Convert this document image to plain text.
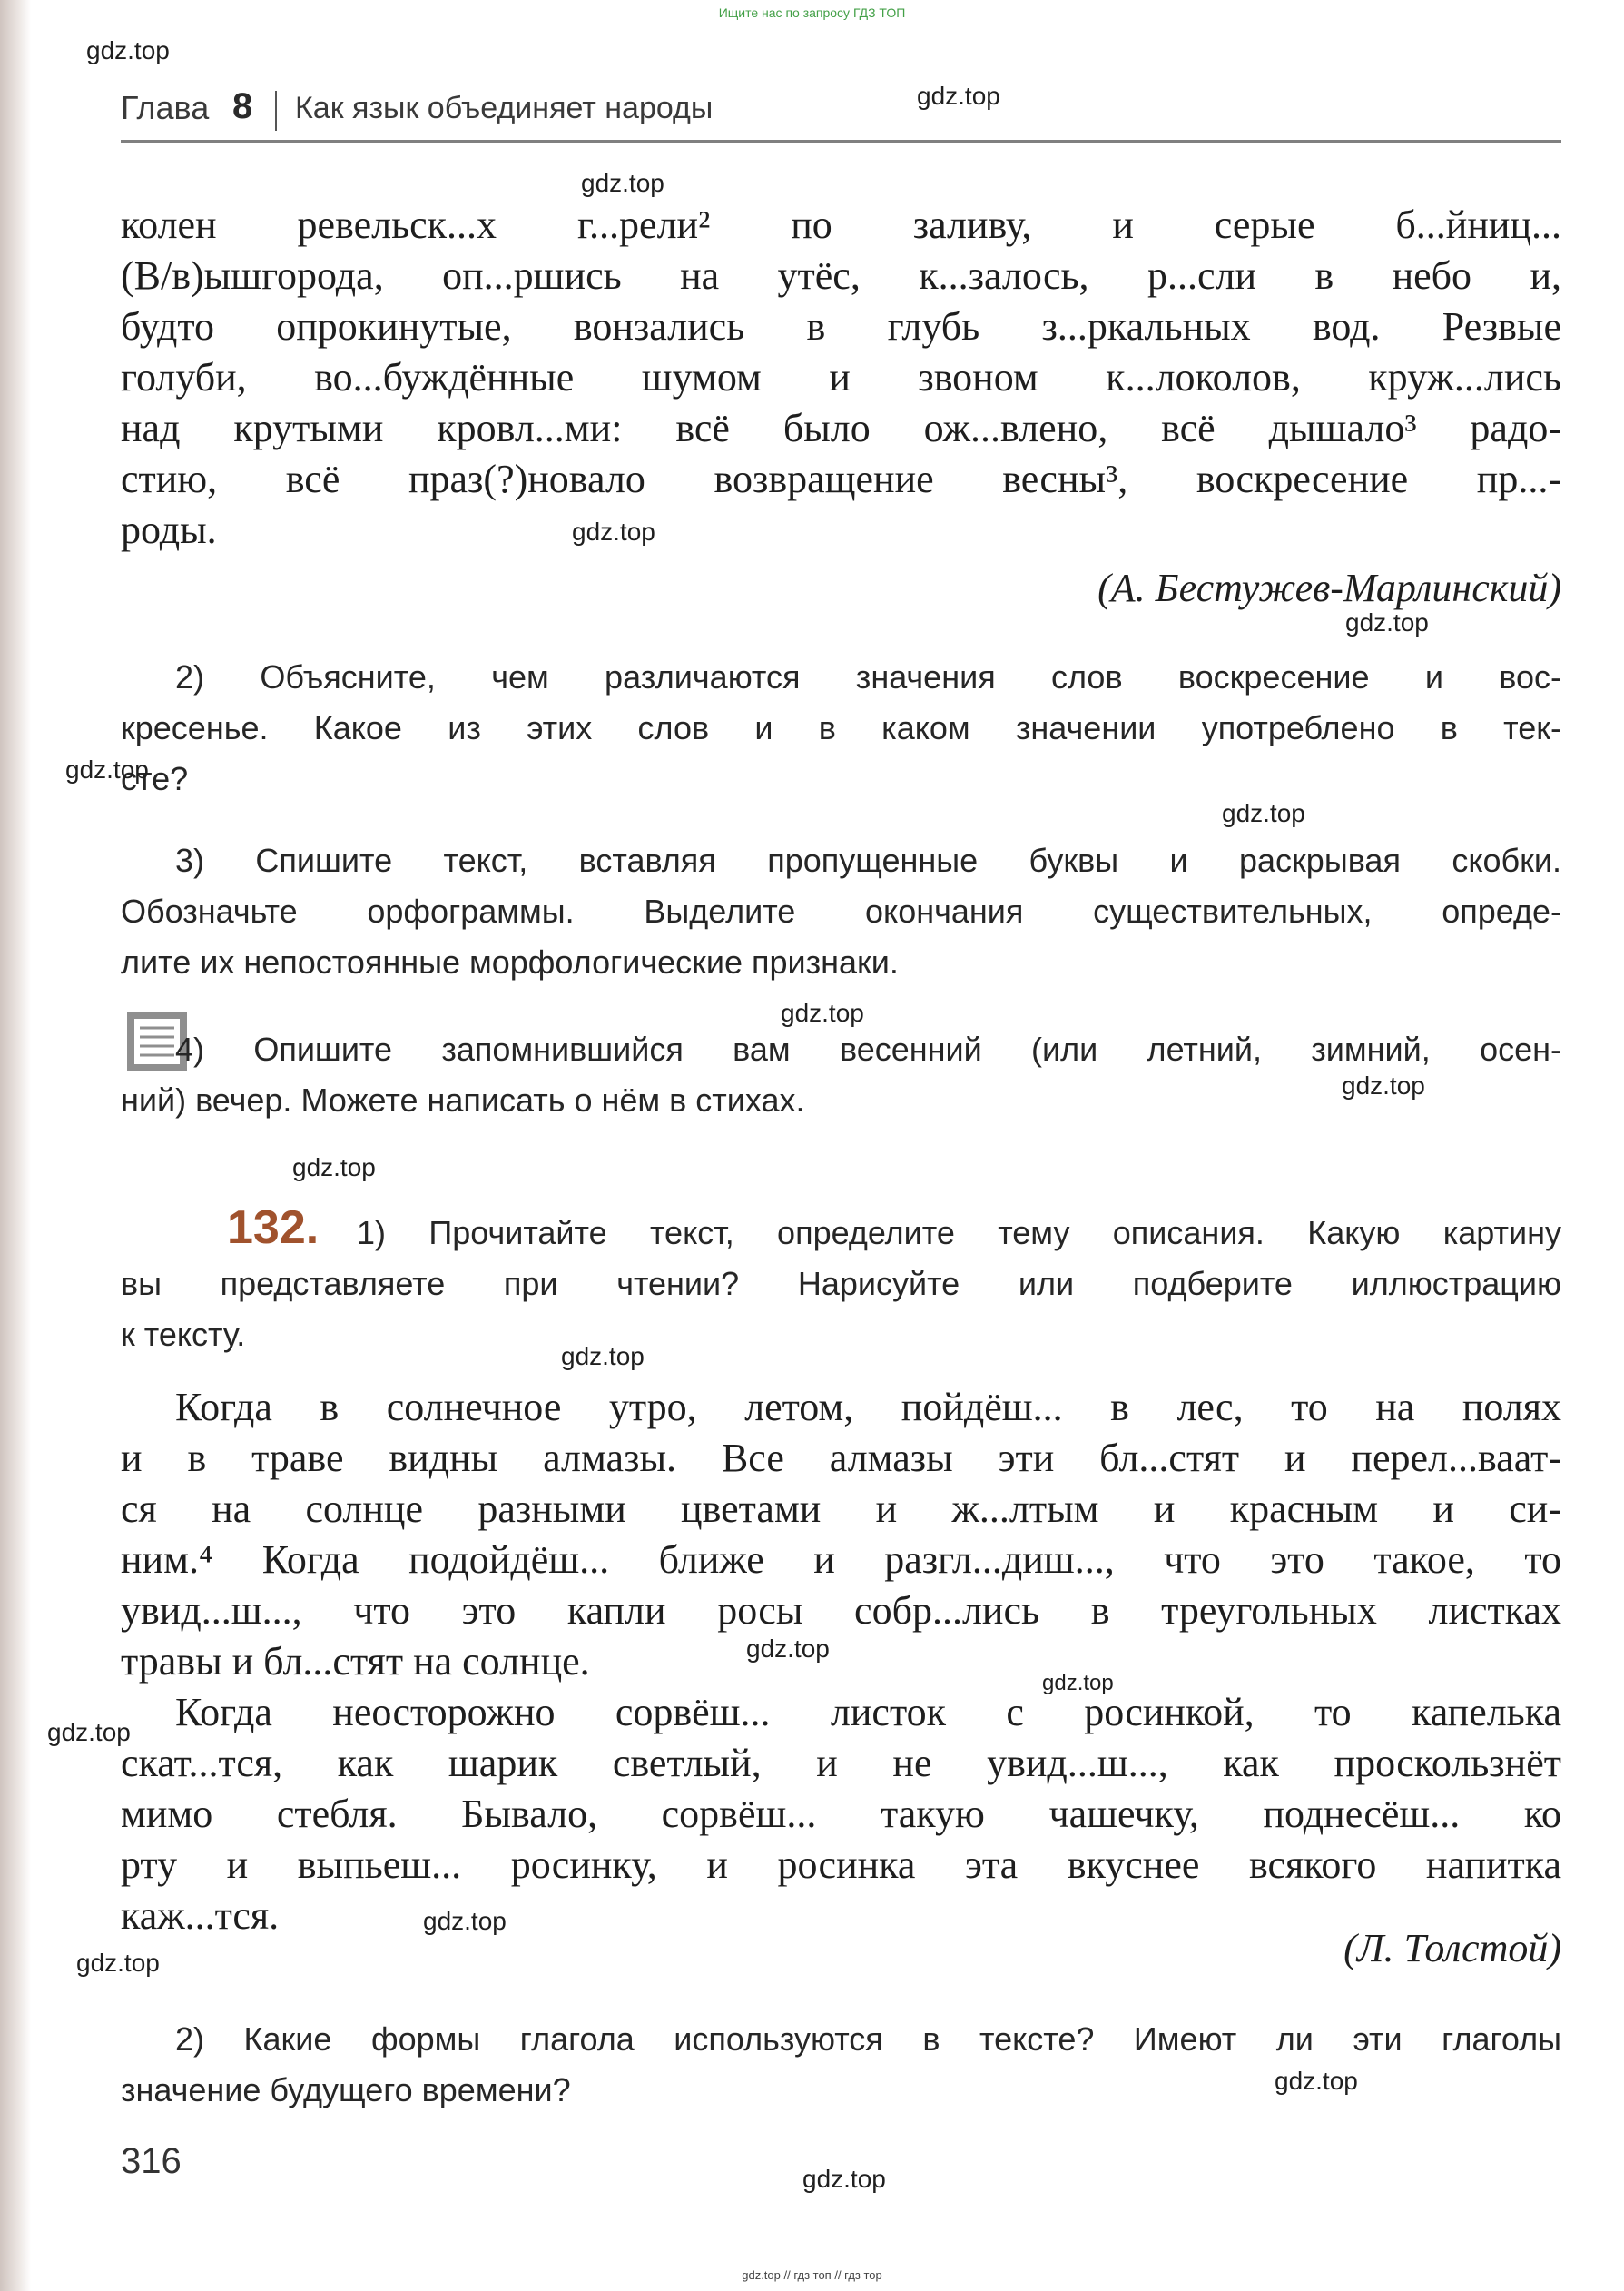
Ищите нас по запросу ГДЗ ТОП
Глава 8 Как язык объединяет народы
колен ревельск...х г...рели² по заливу, и серые б...йниц...
(В/в)ышгорода, оп...ршись на утёс, к...залось, р...сли в небо и,
будто опрокинутые, вонзались в глубь з...ркальных вод. Резвые
голуби, во...буждённые шумом и звоном к...локолов, круж...лись
над крутыми кровл...ми: всё было ож...влено, всё дышало³ радо-
стию, всё праз(?)новало возвращение весны³, воскресение пр...-
роды.
(А. Бестужев-Марлинский)
2) Объясните, чем различаются значения слов воскресение и вос-
кресенье. Какое из этих слов и в каком значении употреблено в тек-
сте?
3) Спишите текст, вставляя пропущенные буквы и раскрывая скобки.
Обозначьте орфограммы. Выделите окончания существительных, опреде-
лите их непостоянные морфологические признаки.
4) Опишите запомнившийся вам весенний (или летний, зимний, осен-
ний) вечер. Можете написать о нём в стихах.
132. 1) Прочитайте текст, определите тему описания. Какую картину
вы представляете при чтении? Нарисуйте или подберите иллюстрацию
к тексту.
Когда в солнечное утро, летом, пойдёш... в лес, то на полях
и в траве видны алмазы. Все алмазы эти бл...стят и перел...ваат-
ся на солнце разными цветами и ж...лтым и красным и си-
ним.⁴ Когда подойдёш... ближе и разгл...диш..., что это такое, то
увид...ш..., что это капли росы собр...лись в треугольных листках
травы и бл...стят на солнце.
Когда неосторожно сорвёш... листок с росинкой, то капелька
скат...тся, как шарик светлый, и не увид...ш..., как проскользнёт
мимо стебля. Бывало, сорвёш... такую чашечку, поднесёш... ко
рту и выпьеш... росинку, и росинка эта вкуснее всякого напитка
каж...тся.
(Л. Толстой)
2) Какие формы глагола используются в тексте? Имеют ли эти глаголы
значение будущего времени?
316
gdz.top
gdz.top
gdz.top
gdz.top
gdz.top
gdz.top
gdz.top
gdz.top
gdz.top
gdz.top
gdz.top
gdz.top
gdz.top
gdz.top
gdz.top
gdz.top
gdz.top
gdz.top
gdz.top // гдз топ // гдз тор
